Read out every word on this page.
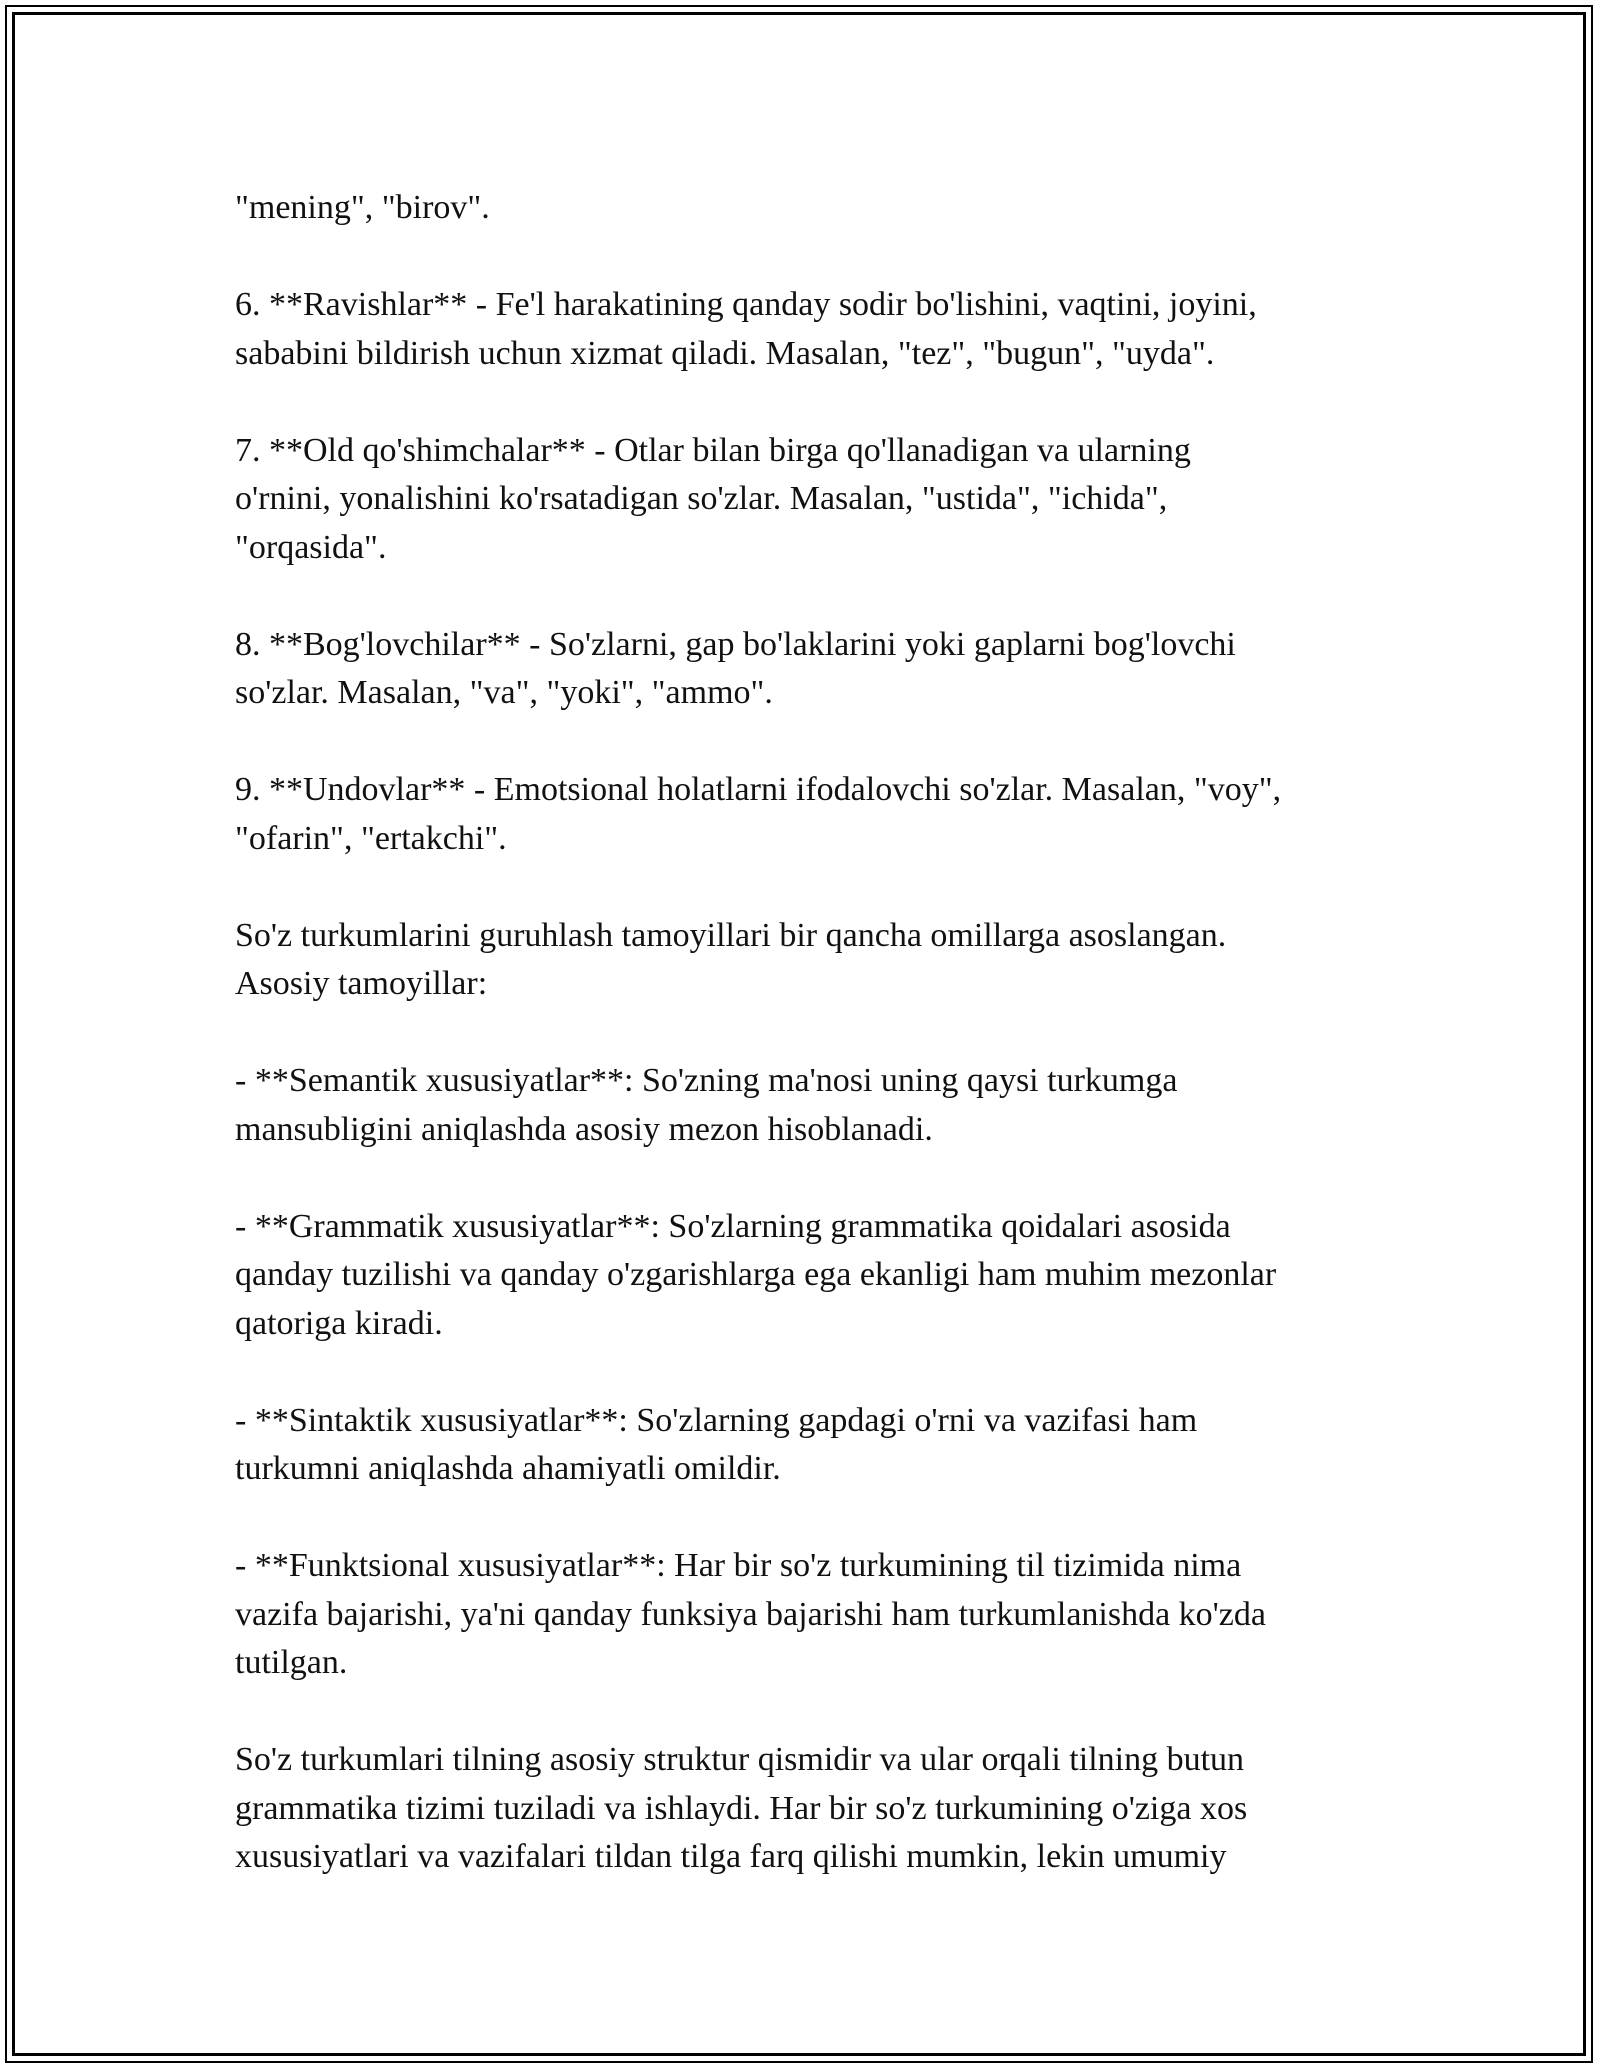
"mening", "birov".

6. **Ravishlar** - Fe'l harakatining qanday sodir bo'lishini, vaqtini, joyini,
sababini bildirish uchun xizmat qiladi. Masalan, "tez", "bugun", "uyda".

7. **Old qo'shimchalar** - Otlar bilan birga qo'llanadigan va ularning
o'rnini, yonalishini ko'rsatadigan so'zlar. Masalan, "ustida", "ichida",
"orqasida".

8. **Bog'lovchilar** - So'zlarni, gap bo'laklarini yoki gaplarni bog'lovchi
so'zlar. Masalan, "va", "yoki", "ammo".

9. **Undovlar** - Emotsional holatlarni ifodalovchi so'zlar. Masalan, "voy",
"ofarin", "ertakchi".

So'z turkumlarini guruhlash tamoyillari bir qancha omillarga asoslangan.
Asosiy tamoyillar:

- **Semantik xususiyatlar**: So'zning ma'nosi uning qaysi turkumga
mansubligini aniqlashda asosiy mezon hisoblanadi.

- **Grammatik xususiyatlar**: So'zlarning grammatika qoidalari asosida
qanday tuzilishi va qanday o'zgarishlarga ega ekanligi ham muhim mezonlar
qatoriga kiradi.

- **Sintaktik xususiyatlar**: So'zlarning gapdagi o'rni va vazifasi ham
turkumni aniqlashda ahamiyatli omildir.

- **Funktsional xususiyatlar**: Har bir so'z turkumining til tizimida nima
vazifa bajarishi, ya'ni qanday funksiya bajarishi ham turkumlanishda ko'zda
tutilgan.

So'z turkumlari tilning asosiy struktur qismidir va ular orqali tilning butun
grammatika tizimi tuziladi va ishlaydi. Har bir so'z turkumining o'ziga xos
xususiyatlari va vazifalari tildan tilga farq qilishi mumkin, lekin umumiy
